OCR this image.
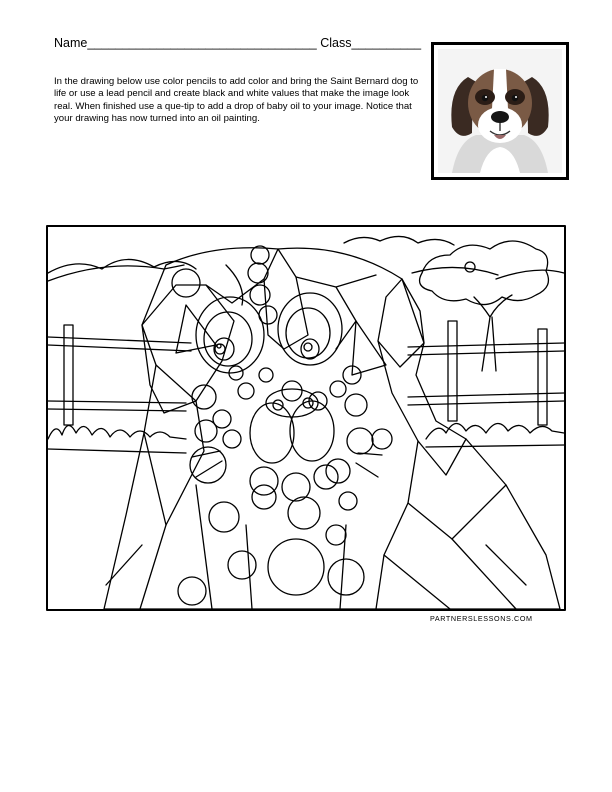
Name_________________________________ Class__________

In the drawing below use color pencils to add color and bring the Saint Bernard dog to life or use a lead pencil and create black and white values that make the image look real. When finished use a que-tip to add a drop of baby oil to your image. Notice that your drawing has now turned into an oil painting.

PARTNERSLESSONS.COM
